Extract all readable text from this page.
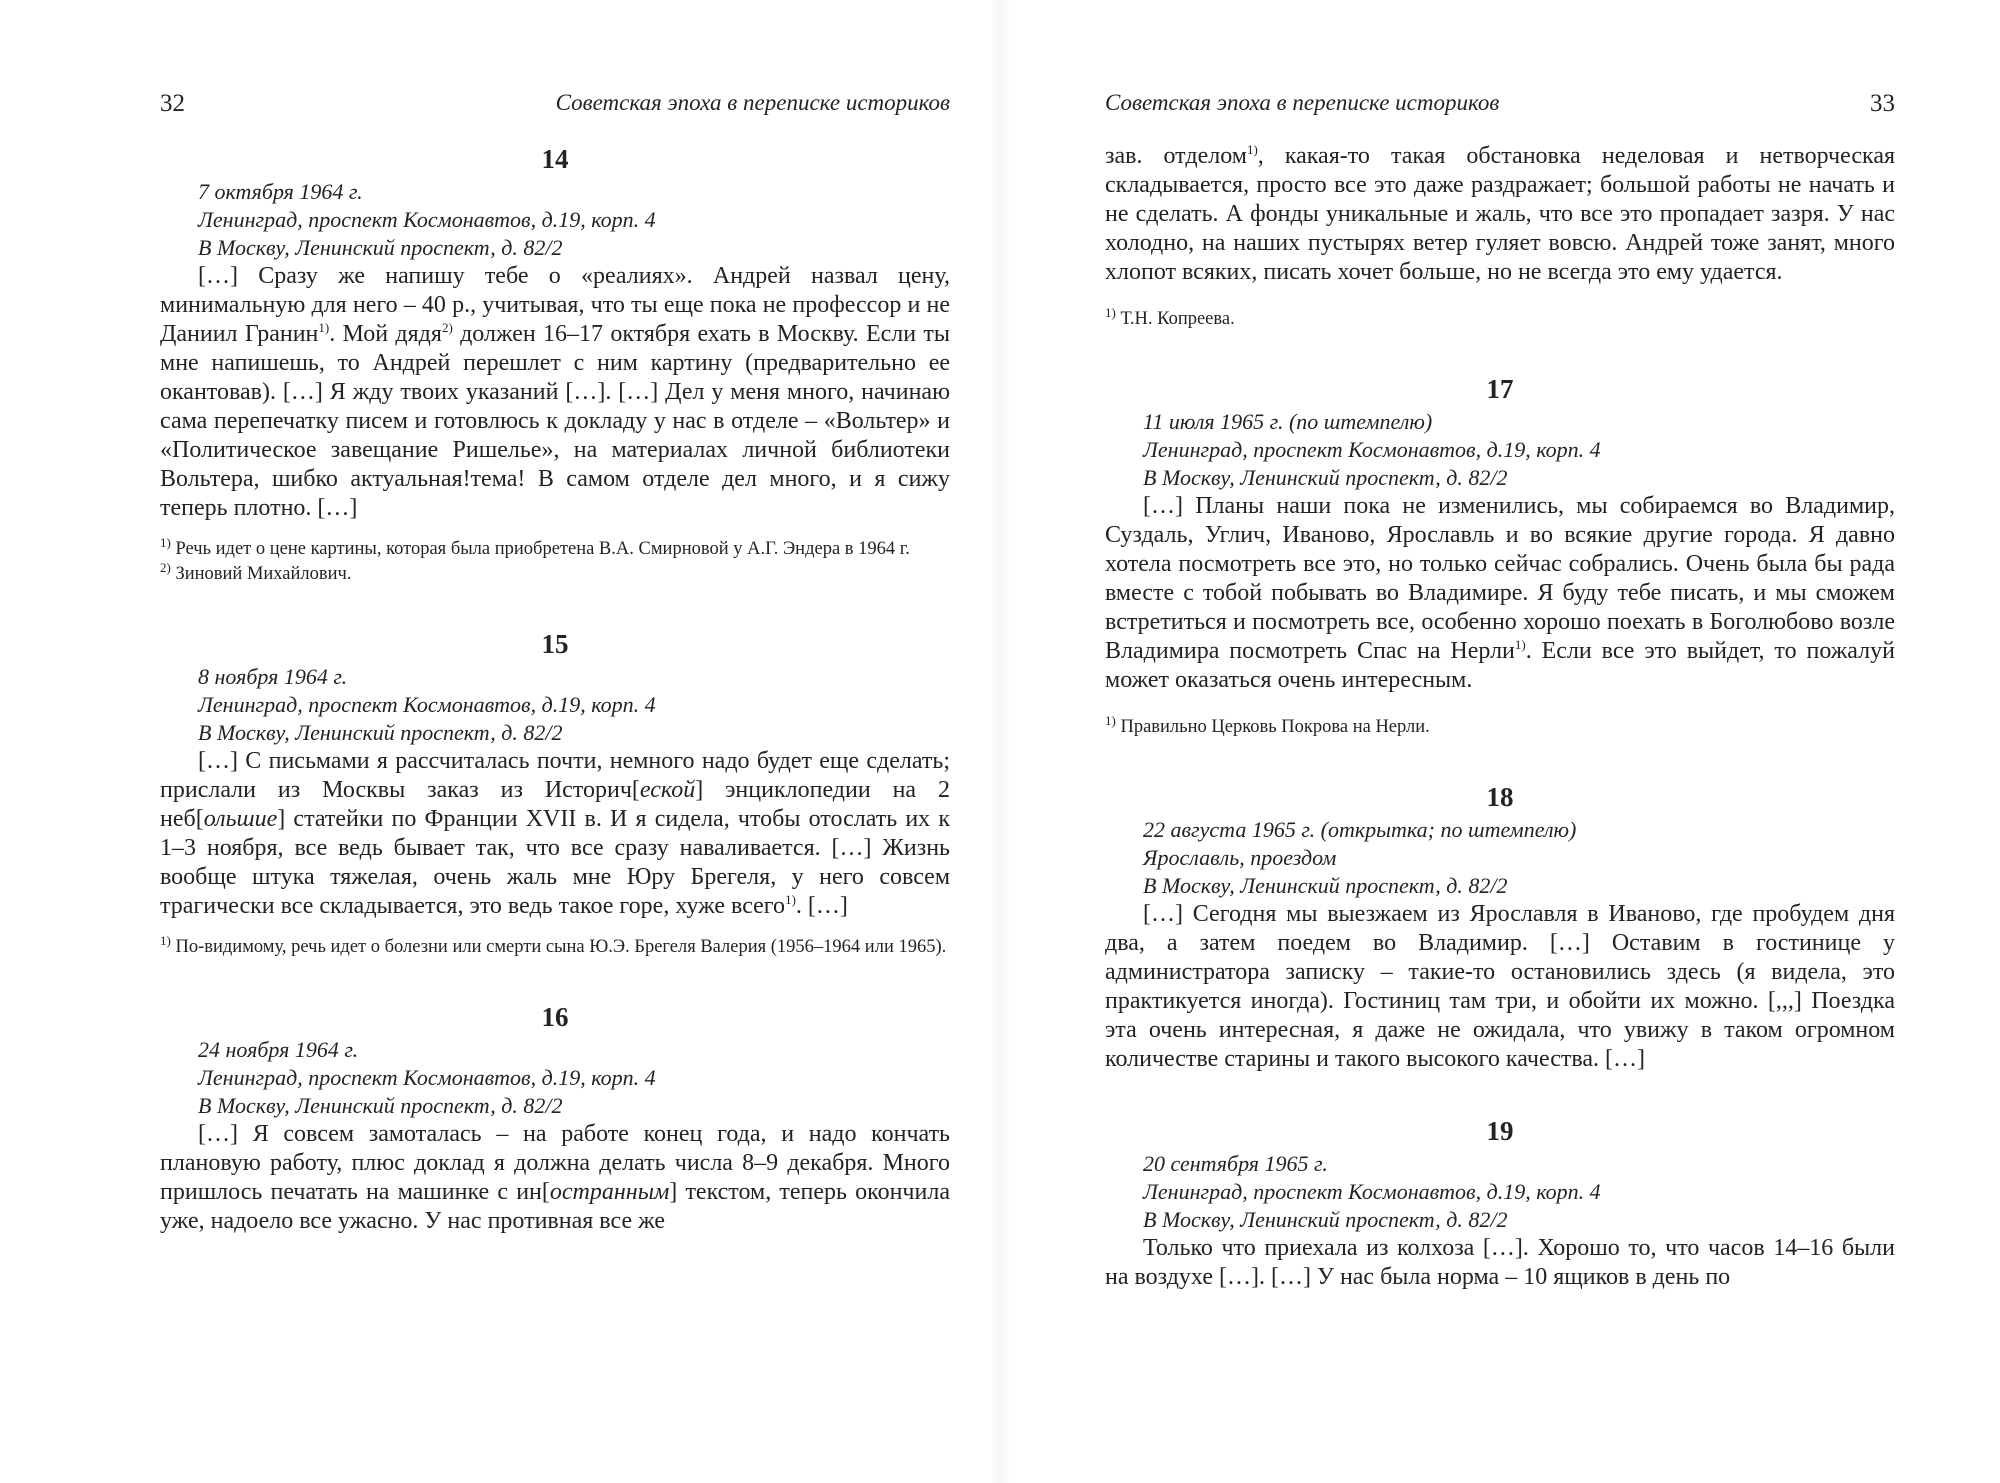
32	Советская эпоха в переписке историков
14
7 октября 1964 г.
Ленинград, проспект Космонавтов, д.19, корп. 4
В Москву, Ленинский проспект, д. 82/2

[…] Сразу же напишу тебе о «реалиях». Андрей назвал цену, минимальную для него – 40 р., учитывая, что ты еще пока не профессор и не Даниил Гранин$^{1)}$. Мой дядя$^{2)}$ должен 16–17 октября ехать в Москву. Если ты мне напишешь, то Андрей перешлет с ним картину (предварительно ее окантовав). […] Я жду твоих указаний […]. […] Дел у меня много, начинаю сама перепечатку писем и готовлюсь к докладу у нас в отделе – «Вольтер» и «Политическое завещание Ришелье», на материалах личной библиотеки Вольтера, шибко актуальная!тема! В самом отделе дел много, и я сижу теперь плотно. […]

$^{1)}$ Речь идет о цене картины, которая была приобретена В.А. Смирновой у А.Г. Эндера в 1964 г.
$^{2)}$ Зиновий Михайлович.
15
8 ноября 1964 г.
Ленинград, проспект Космонавтов, д.19, корп. 4
В Москву, Ленинский проспект, д. 82/2

[…] С письмами я рассчиталась почти, немного надо будет еще сделать; прислали из Москвы заказ из Историч[еской] энциклопедии на 2 неб[ольшие] статейки по Франции XVII в. И я сидела, чтобы отослать их к 1–3 ноября, все ведь бывает так, что все сразу наваливается. […] Жизнь вообще штука тяжелая, очень жаль мне Юру Брегеля, у него совсем трагически все складывается, это ведь такое горе, хуже всего$^{1)}$. […]

$^{1)}$ По-видимому, речь идет о болезни или смерти сына Ю.Э. Брегеля Валерия (1956–1964 или 1965).
16
24 ноября 1964 г.
Ленинград, проспект Космонавтов, д.19, корп. 4
В Москву, Ленинский проспект, д. 82/2

[…] Я совсем замоталась – на работе конец года, и надо кончать плановую работу, плюс доклад я должна делать числа 8–9 декабря. Много пришлось печатать на машинке с ин[остранным] текстом, теперь окончила уже, надоело все ужасно. У нас противная все же

Советская эпоха в переписке историков	33

зав. отделом$^{1)}$, какая-то такая обстановка неделовая и нетворческая складывается, просто все это даже раздражает; большой работы не начать и не сделать. А фонды уникальные и жаль, что все это пропадает зазря. У нас холодно, на наших пустырях ветер гуляет вовсю. Андрей тоже занят, много хлопот всяких, писать хочет больше, но не всегда это ему удается.

$^{1)}$ Т.Н. Копреева.
17
11 июля 1965 г. (по штемпелю)
Ленинград, проспект Космонавтов, д.19, корп. 4
В Москву, Ленинский проспект, д. 82/2

[…] Планы наши пока не изменились, мы собираемся во Владимир, Суздаль, Углич, Иваново, Ярославль и во всякие другие города. Я давно хотела посмотреть все это, но только сейчас собрались. Очень была бы рада вместе с тобой побывать во Владимире. Я буду тебе писать, и мы сможем встретиться и посмотреть все, особенно хорошо поехать в Боголюбово возле Владимира посмотреть Спас на Нерли$^{1)}$. Если все это выйдет, то пожалуй может оказаться очень интересным.

$^{1)}$ Правильно Церковь Покрова на Нерли.
18
22 августа 1965 г. (открытка; по штемпелю)
Ярославль, проездом
В Москву, Ленинский проспект, д. 82/2

[…] Сегодня мы выезжаем из Ярославля в Иваново, где пробудем дня два, а затем поедем во Владимир. […] Оставим в гостинице у администратора записку – такие-то остановились здесь (я видела, это практикуется иногда). Гостиниц там три, и обойти их можно. [,,,] Поездка эта очень интересная, я даже не ожидала, что увижу в таком огромном количестве старины и такого высокого качества. […]

19
20 сентября 1965 г.
Ленинград, проспект Космонавтов, д.19, корп. 4
В Москву, Ленинский проспект, д. 82/2

Только что приехала из колхоза […]. Хорошо то, что часов 14–16 были на воздухе […]. […] У нас была норма – 10 ящиков в день по
